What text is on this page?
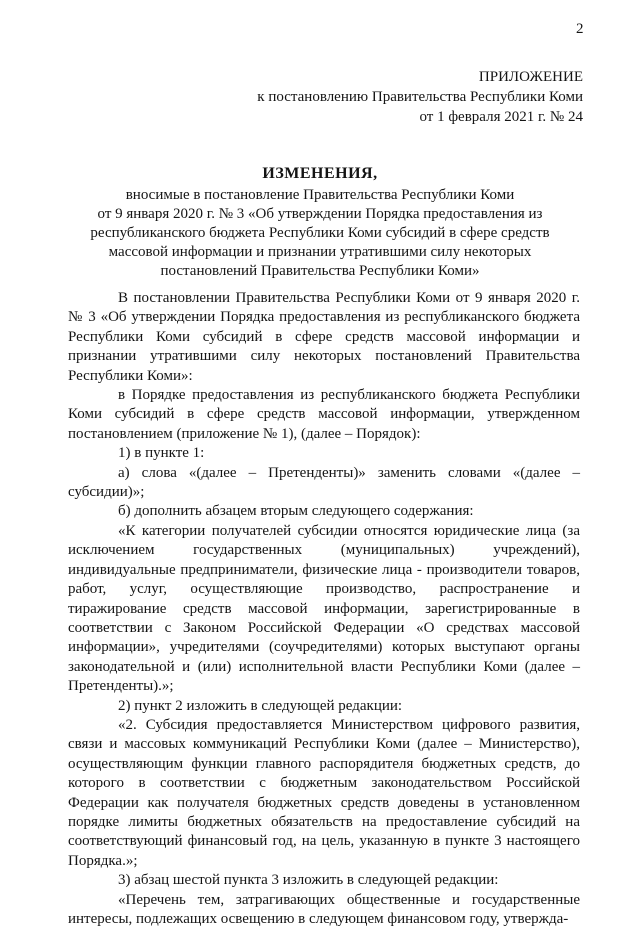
2
ПРИЛОЖЕНИЕ
к постановлению Правительства Республики Коми
от 1 февраля 2021 г. № 24
ИЗМЕНЕНИЯ,
вносимые в постановление Правительства Республики Коми
от 9 января 2020 г. № 3 «Об утверждении Порядка предоставления из
республиканского бюджета Республики Коми субсидий в сфере средств
массовой информации и признании утратившими силу некоторых
постановлений Правительства Республики Коми»

В постановлении Правительства Республики Коми от 9 января 2020 г. № 3 «Об утверждении Порядка предоставления из республиканского бюджета Республики Коми субсидий в сфере средств массовой информации и признании утратившими силу некоторых постановлений Правительства Республики Коми»:

в Порядке предоставления из республиканского бюджета Республики Коми субсидий в сфере средств массовой информации, утвержденном постановлением (приложение № 1), (далее – Порядок):

1) в пункте 1:

а) слова «(далее – Претенденты)» заменить словами «(далее – субсидии)»;

б) дополнить абзацем вторым следующего содержания:

«К категории получателей субсидии относятся юридические лица (за исключением государственных (муниципальных) учреждений), индивидуальные предприниматели, физические лица - производители товаров, работ, услуг, осуществляющие производство, распространение и тиражирование средств массовой информации, зарегистрированные в соответствии с Законом Российской Федерации «О средствах массовой информации», учредителями (соучредителями) которых выступают органы законодательной и (или) исполнительной власти Республики Коми (далее – Претенденты).»;

2) пункт 2 изложить в следующей редакции:

«2. Субсидия предоставляется Министерством цифрового развития, связи и массовых коммуникаций Республики Коми (далее – Министерство), осуществляющим функции главного распорядителя бюджетных средств, до которого в соответствии с бюджетным законодательством Российской Федерации как получателя бюджетных средств доведены в установленном порядке лимиты бюджетных обязательств на предоставление субсидий на соответствующий финансовый год, на цель, указанную в пункте 3 настоящего Порядка.»;

3) абзац шестой пункта 3 изложить в следующей редакции:

«Перечень тем, затрагивающих общественные и государственные интересы, подлежащих освещению в следующем финансовом году, утвержда-
